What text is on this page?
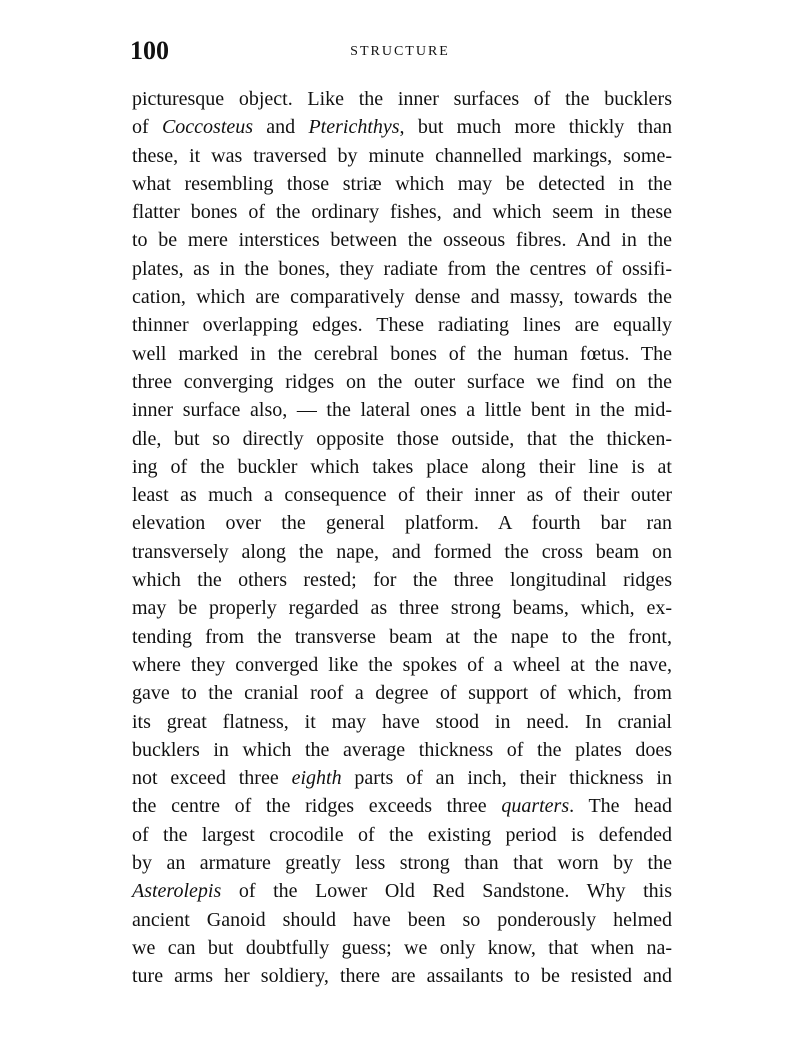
100	STRUCTURE
picturesque object. Like the inner surfaces of the bucklers
of Coccosteus and Pterichthys, but much more thickly than
these, it was traversed by minute channelled markings, some-
what resembling those striæ which may be detected in the
flatter bones of the ordinary fishes, and which seem in these
to be mere interstices between the osseous fibres. And in the
plates, as in the bones, they radiate from the centres of ossifi-
cation, which are comparatively dense and massy, towards the
thinner overlapping edges. These radiating lines are equally
well marked in the cerebral bones of the human fœtus. The
three converging ridges on the outer surface we find on the
inner surface also, — the lateral ones a little bent in the mid-
dle, but so directly opposite those outside, that the thicken-
ing of the buckler which takes place along their line is at
least as much a consequence of their inner as of their outer
elevation over the general platform. A fourth bar ran
transversely along the nape, and formed the cross beam on
which the others rested; for the three longitudinal ridges
may be properly regarded as three strong beams, which, ex-
tending from the transverse beam at the nape to the front,
where they converged like the spokes of a wheel at the nave,
gave to the cranial roof a degree of support of which, from
its great flatness, it may have stood in need. In cranial
bucklers in which the average thickness of the plates does
not exceed three eighth parts of an inch, their thickness in
the centre of the ridges exceeds three quarters. The head
of the largest crocodile of the existing period is defended
by an armature greatly less strong than that worn by the
Asterolepis of the Lower Old Red Sandstone. Why this
ancient Ganoid should have been so ponderously helmed
we can but doubtfully guess; we only know, that when na-
ture arms her soldiery, there are assailants to be resisted and
